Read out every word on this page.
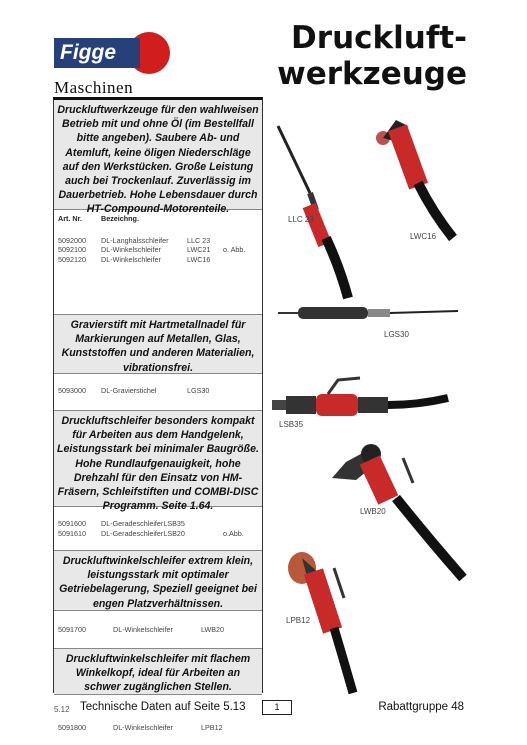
Figge
Maschinen
Druckluft-
werkzeuge
Druckluftwerkzeuge für den wahlweisen Betrieb mit und ohne Öl (im Bestellfall bitte angeben). Saubere Ab- und Atemluft, keine öligen Niederschläge auf den Werkstücken. Große Leistung auch bei Trockenlauf. Zuverlässig im Dauerbetrieb. Hohe Lebensdauer durch HT-Compound-Motorenteile.
Art. Nr.	Bezeichng.
5092000	DL-Langhalsschleifer	LLC 23
5092100	DL-Winkelschleifer	LWC21	o. Abb.
5092120	DL-Winkelschleifer	LWC16
Gravierstift mit Hartmetallnadel für Markierungen auf Metallen, Glas, Kunststoffen und anderen Materialien, vibrationsfrei.
5093000	DL-Gravierstichel	LGS30
Druckluftschleifer besonders kompakt für Arbeiten aus dem Handgelenk, Leistungsstark bei minimaler Baugröße. Hohe Rundlaufgenauigkeit, hohe Drehzahl für den Einsatz von HM-Fräsern, Schleifstiften und COMBI-DISC Programm. Seite 1.64.
5091600	DL-GeradeschleiferLSB35
5091610	DL-GeradeschleiferLSB20	o.Abb.
Druckluftwinkelschleifer extrem klein, leistungsstark mit optimaler Getriebelagerung, Speziell geeignet bei engen Platzverhältnissen.
5091700	DL-Winkelschleifer	LWB20
Druckluftwinkelschleifer mit flachem Winkelkopf, ideal für Arbeiten an schwer zugänglichen Stellen.
5091800	DL-Winkelschleifer	LPB12
LLC 23
LWC16
LGS30
LSB35
LWB20
LPB12
5.12 Technische Daten auf Seite 5.13	1	Rabattgruppe 48
